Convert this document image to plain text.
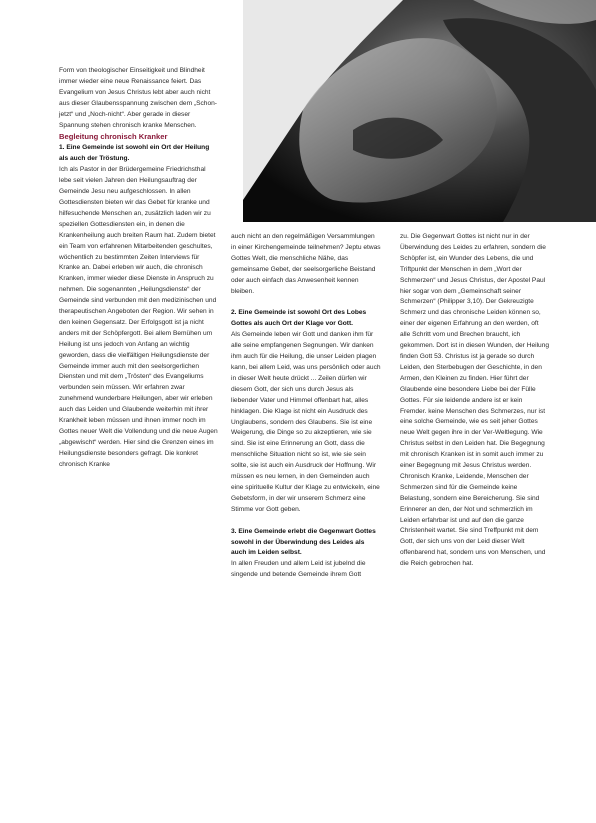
Form von theologischer Einseitigkeit und Blindheit immer wieder eine neue Renaissance feiert. Das Evangelium von Jesus Christus lebt aber auch nicht aus dieser Glaubensspannung zwischen dem „Schon-jetzt“ und „Noch-nicht“. Aber gerade in dieser Spannung stehen chronisch kranke Menschen.

Begleitung chronisch Kranker

1. Eine Gemeinde ist sowohl ein Ort der Heilung als auch der Tröstung.

Ich als Pastor in der Brüdergemeine Friedrichsthal lebe seit vielen Jahren den Heilungsauftrag der Gemeinde Jesu neu aufgeschlossen. In allen Gottesdiensten bieten wir das Gebet für kranke und hilfesuchende Menschen an, zusätzlich laden wir zu speziellen Gottesdiensten ein, in denen die Krankenheilung auch breiten Raum hat. Zudem bietet ein Team von erfahrenen Mitarbeitenden geschultes, wöchentlich zu bestimmten Zeiten Interviews für Kranke an. Dabei erleben wir auch, die chronisch Kranken, immer wieder diese Dienste in Anspruch zu nehmen. Die sogenannten „Heilungsdienste“ der Gemeinde sind verbunden mit den medizinischen und therapeutischen Angeboten der Region. Wir sehen in den keinen Gegensatz. Der Erfolgsgott ist ja nicht anders mit der Schöpfergott. Bei allem Bemühen um Heilung ist uns jedoch von Anfang an wichtig geworden, dass die vielfältigen Heilungsdienste der Gemeinde immer auch mit den seelsorgerlichen Diensten und mit dem „Trösten“ des Evangeliums verbunden sein müssen. Wir erfahren zwar zunehmend wunderbare Heilungen, aber wir erleben auch das Leiden und Glaubende weiterhin mit ihrer Krankheit leben müssen und ihnen immer noch im Gottes neuer Welt die Vollendung und die neue Augen „abgewischt“ werden. Hier sind die Grenzen eines im Heilungsdienste besonders gefragt. Die konkret chronisch Kranke

auch nicht an den regelmäßigen Versammlungen in einer Kirchengemeinde teilnehmen? Jeptu etwas Gottes Welt, die menschliche Nähe, das gemeinsame Gebet, der seelsorgerliche Beistand oder auch einfach das Anwesenheit kennen bleiben.

2. Eine Gemeinde ist sowohl Ort des Lobes Gottes als auch Ort der Klage vor Gott.

Als Gemeinde leben wir Gott und danken ihm für alle seine empfangenen Segnungen. Wir danken ihm auch für die Heilung, die unser Leiden plagen kann, bei allem Leid, was uns persönlich oder auch in dieser Welt heute drückt ... Zeilen dürfen wir diesem Gott, der sich uns durch Jesus als liebender Vater und Himmel offenbart hat, alles hinklagen. Die Klage ist nicht ein Ausdruck des Unglaubens, sondern des Glaubens. Sie ist eine Weigerung, die Dinge so zu akzeptieren, wie sie sind. Sie ist eine Erinnerung an Gott, dass die menschliche Situation nicht so ist, wie sie sein sollte, sie ist auch ein Ausdruck der Hoffnung. Wir müssen es neu lernen, in den Gemeinden auch eine spirituelle Kultur der Klage zu entwickeln, eine Gebetsform, in der wir unserem Schmerz eine Stimme vor Gott geben.

3. Eine Gemeinde erlebt die Gegenwart Gottes sowohl in der Überwindung des Leides als auch im Leiden selbst.

In allen Freuden und allem Leid ist jubelnd die singende und betende Gemeinde ihrem Gott

zu. Die Gegenwart Gottes ist nicht nur in der Überwindung des Leides zu erfahren, sondern die Schöpfer ist, ein Wunder des Lebens, die und Triftpunkt der Menschen in dem „Wort der Schmerzen“ und Jesus Christus, der Apostel Paul hier sogar von dem „Gemeinschaft seiner Schmerzen“ (Philipper 3,10). Der Gekreuzigte Schmerz und das chronische Leiden können so, einer der eigenen Erfahrung an den werden, oft alle Schritt vom und Brechen braucht, ich gekommen. Dort ist in diesen Wunden, der Heilung finden Gott 53. Christus ist ja gerade so durch Leiden, den Sterbebugen der Geschichte, in den Armen, den Kleinen zu finden. Hier führt der Glaubende eine besondere Liebe bei der Fülle Gottes. Für sie leidende andere ist er kein Fremder. keine Menschen des Schmerzes, nur ist eine solche Gemeinde, wie es seit jeher Gottes neue Welt gegen ihre in der Ver-Weltlegung. Wie Christus selbst in den Leiden hat. Die Begegnung mit chronisch Kranken ist in somit auch immer zu einer Begegnung mit Jesus Christus werden. Chronisch Kranke, Leidende, Menschen der Schmerzen sind für die Gemeinde keine Belastung, sondern eine Bereicherung. Sie sind Erinnerer an den, der Not und schmerzlich im Leiden erfahrbar ist und auf den die ganze Christenheit wartet. Sie sind Treffpunkt mit dem Gott, der sich uns von der Leid dieser Welt offenbarend hat, sondern uns von Menschen, und die Reich gebrochen hat.
